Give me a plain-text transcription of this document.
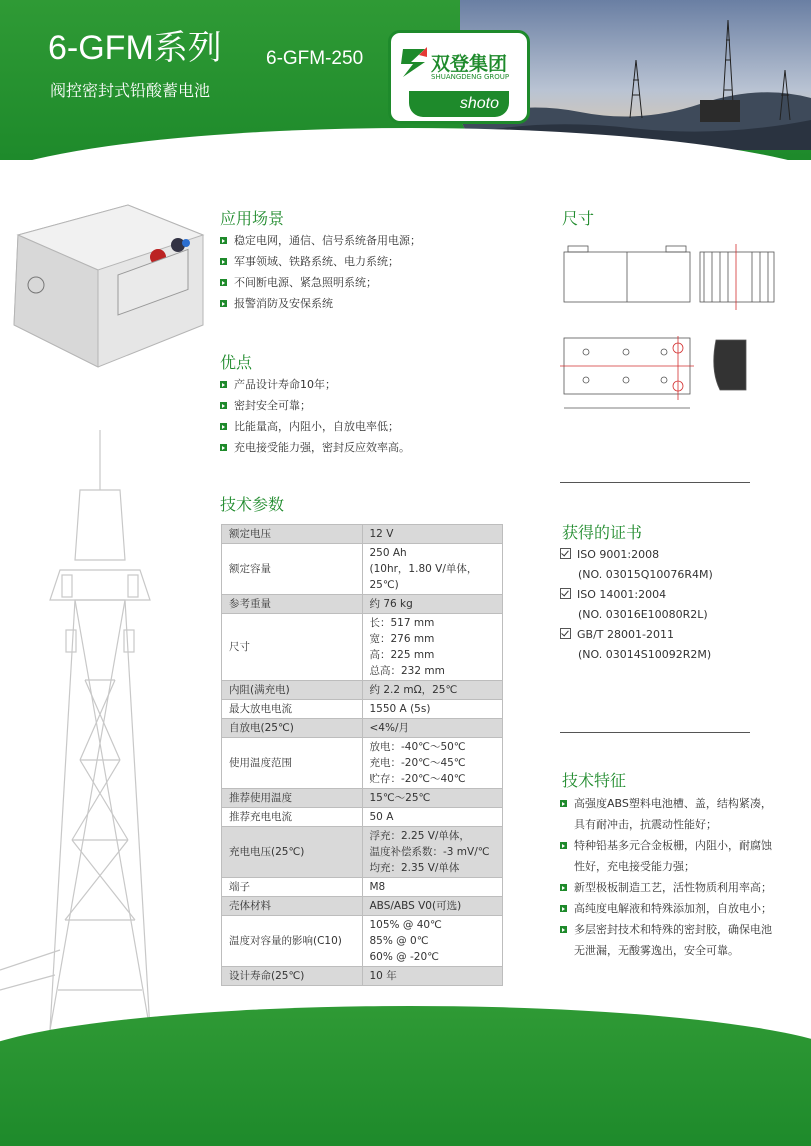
6-GFM系列
阀控密封式铅酸蓄电池
6-GFM-250	双登集团
SHUANGDENG GROUP
shoto
应用场景
稳定电网，通信、信号系统备用电源；
军事领域、铁路系统、电力系统；
不间断电源、紧急照明系统；
报警消防及安保系统
优点
产品设计寿命10年；
密封安全可靠；
比能量高，内阻小，自放电率低；
充电接受能力强，密封反应效率高。
尺寸
技术参数
额定电压	12 V

额定容量	250 Ah
(10hr，1.80 V/单体，25℃)

参考重量	约 76 kg

尺寸	长：517 mm
宽：276 mm
高：225 mm
总高：232 mm

内阻(满充电)	约 2.2 mΩ，25℃

最大放电电流	1550 A (5s)

自放电(25℃)	<4%/月

使用温度范围	放电：-40℃～50℃
充电：-20℃～45℃
贮存：-20℃～40℃

推荐使用温度	15℃～25℃

推荐充电电流	50 A

充电电压(25℃)	浮充：2.25 V/单体，
温度补偿系数：-3 mV/℃
均充：2.35 V/单体

端子	M8

壳体材料	ABS/ABS V0(可选)

温度对容量的影响(C10)	105% @ 40℃
85% @ 0℃
60% @ -20℃

设计寿命(25℃)	10 年
获得的证书
ISO 9001:2008
(NO. 03015Q10076R4M)
ISO 14001:2004
(NO. 03016E10080R2L)
GB/T 28001-2011
(NO. 03014S10092R2M)
技术特征
高强度ABS塑料电池槽、盖，结构紧凑，具有耐冲击，抗震动性能好；
特种铅基多元合金板栅，内阻小，耐腐蚀性好，充电接受能力强；
新型极板制造工艺，活性物质利用率高；
高纯度电解液和特殊添加剂，自放电小；
多层密封技术和特殊的密封胶，确保电池无泄漏，无酸雾逸出，安全可靠。
